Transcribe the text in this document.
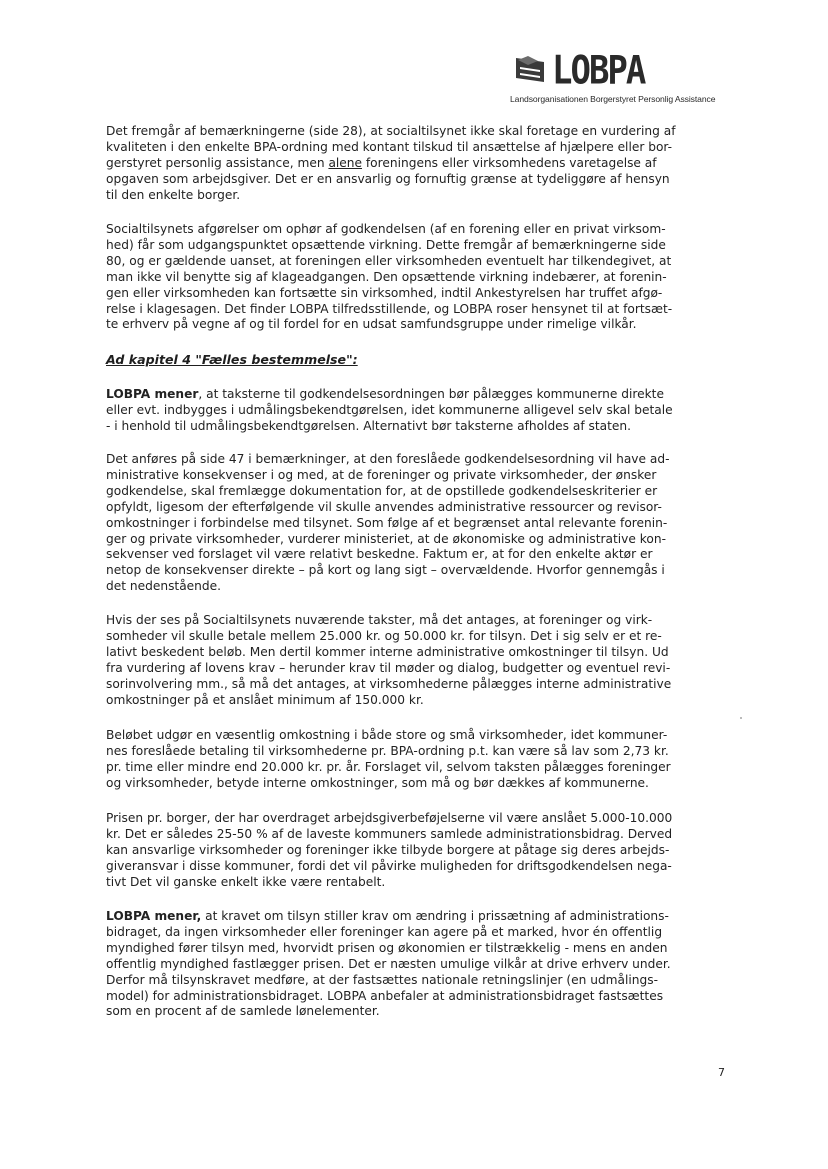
LOBPA
Landsorganisationen Borgerstyret Personlig Assistance
Det fremgår af bemærkningerne (side 28), at socialtilsynet ikke skal foretage en vurdering af
kvaliteten i den enkelte BPA-ordning med kontant tilskud til ansættelse af hjælpere eller bor-
gerstyret personlig assistance, men alene foreningens eller virksomhedens varetagelse af
opgaven som arbejdsgiver. Det er en ansvarlig og fornuftig grænse at tydeliggøre af hensyn
til den enkelte borger.
Socialtilsynets afgørelser om ophør af godkendelsen (af en forening eller en privat virksom-
hed) får som udgangspunktet opsættende virkning. Dette fremgår af bemærkningerne side
80, og er gældende uanset, at foreningen eller virksomheden eventuelt har tilkendegivet, at
man ikke vil benytte sig af klageadgangen. Den opsættende virkning indebærer, at forenin-
gen eller virksomheden kan fortsætte sin virksomhed, indtil Ankestyrelsen har truffet afgø-
relse i klagesagen. Det finder LOBPA tilfredsstillende, og LOBPA roser hensynet til at fortsæt-
te erhverv på vegne af og til fordel for en udsat samfundsgruppe under rimelige vilkår.
Ad kapitel 4 "Fælles bestemmelse":
LOBPA mener, at taksterne til godkendelsesordningen bør pålægges kommunerne direkte
eller evt. indbygges i udmålingsbekendtgørelsen, idet kommunerne alligevel selv skal betale
- i henhold til udmålingsbekendtgørelsen. Alternativt bør taksterne afholdes af staten.
Det anføres på side 47 i bemærkninger, at den foreslåede godkendelsesordning vil have ad-
ministrative konsekvenser i og med, at de foreninger og private virksomheder, der ønsker
godkendelse, skal fremlægge dokumentation for, at de opstillede godkendelseskriterier er
opfyldt, ligesom der efterfølgende vil skulle anvendes administrative ressourcer og revisor-
omkostninger i forbindelse med tilsynet. Som følge af et begrænset antal relevante forenin-
ger og private virksomheder, vurderer ministeriet, at de økonomiske og administrative kon-
sekvenser ved forslaget vil være relativt beskedne. Faktum er, at for den enkelte aktør er
netop de konsekvenser direkte – på kort og lang sigt – overvældende. Hvorfor gennemgås i
det nedenstående.
Hvis der ses på Socialtilsynets nuværende takster, må det antages, at foreninger og virk-
somheder vil skulle betale mellem 25.000 kr. og 50.000 kr. for tilsyn. Det i sig selv er et re-
lativt beskedent beløb. Men dertil kommer interne administrative omkostninger til tilsyn. Ud
fra vurdering af lovens krav – herunder krav til møder og dialog, budgetter og eventuel revi-
sorinvolvering mm., så må det antages, at virksomhederne pålægges interne administrative
omkostninger på et anslået minimum af 150.000 kr.
Beløbet udgør en væsentlig omkostning i både store og små virksomheder, idet kommuner-
nes foreslåede betaling til virksomhederne pr. BPA-ordning p.t. kan være så lav som 2,73 kr.
pr. time eller mindre end 20.000 kr. pr. år. Forslaget vil, selvom taksten pålægges foreninger
og virksomheder, betyde interne omkostninger, som må og bør dækkes af kommunerne.
Prisen pr. borger, der har overdraget arbejdsgiverbeføjelserne vil være anslået 5.000-10.000
kr. Det er således 25-50 % af de laveste kommuners samlede administrationsbidrag. Derved
kan ansvarlige virksomheder og foreninger ikke tilbyde borgere at påtage sig deres arbejds-
giveransvar i disse kommuner, fordi det vil påvirke muligheden for driftsgodkendelsen nega-
tivt Det vil ganske enkelt ikke være rentabelt.
LOBPA mener, at kravet om tilsyn stiller krav om ændring i prissætning af administrations-
bidraget, da ingen virksomheder eller foreninger kan agere på et marked, hvor én offentlig
myndighed fører tilsyn med, hvorvidt prisen og økonomien er tilstrækkelig - mens en anden
offentlig myndighed fastlægger prisen. Det er næsten umulige vilkår at drive erhverv under.
Derfor må tilsynskravet medføre, at der fastsættes nationale retningslinjer (en udmålings-
model) for administrationsbidraget. LOBPA anbefaler at administrationsbidraget fastsættes
som en procent af de samlede lønelementer.
7
